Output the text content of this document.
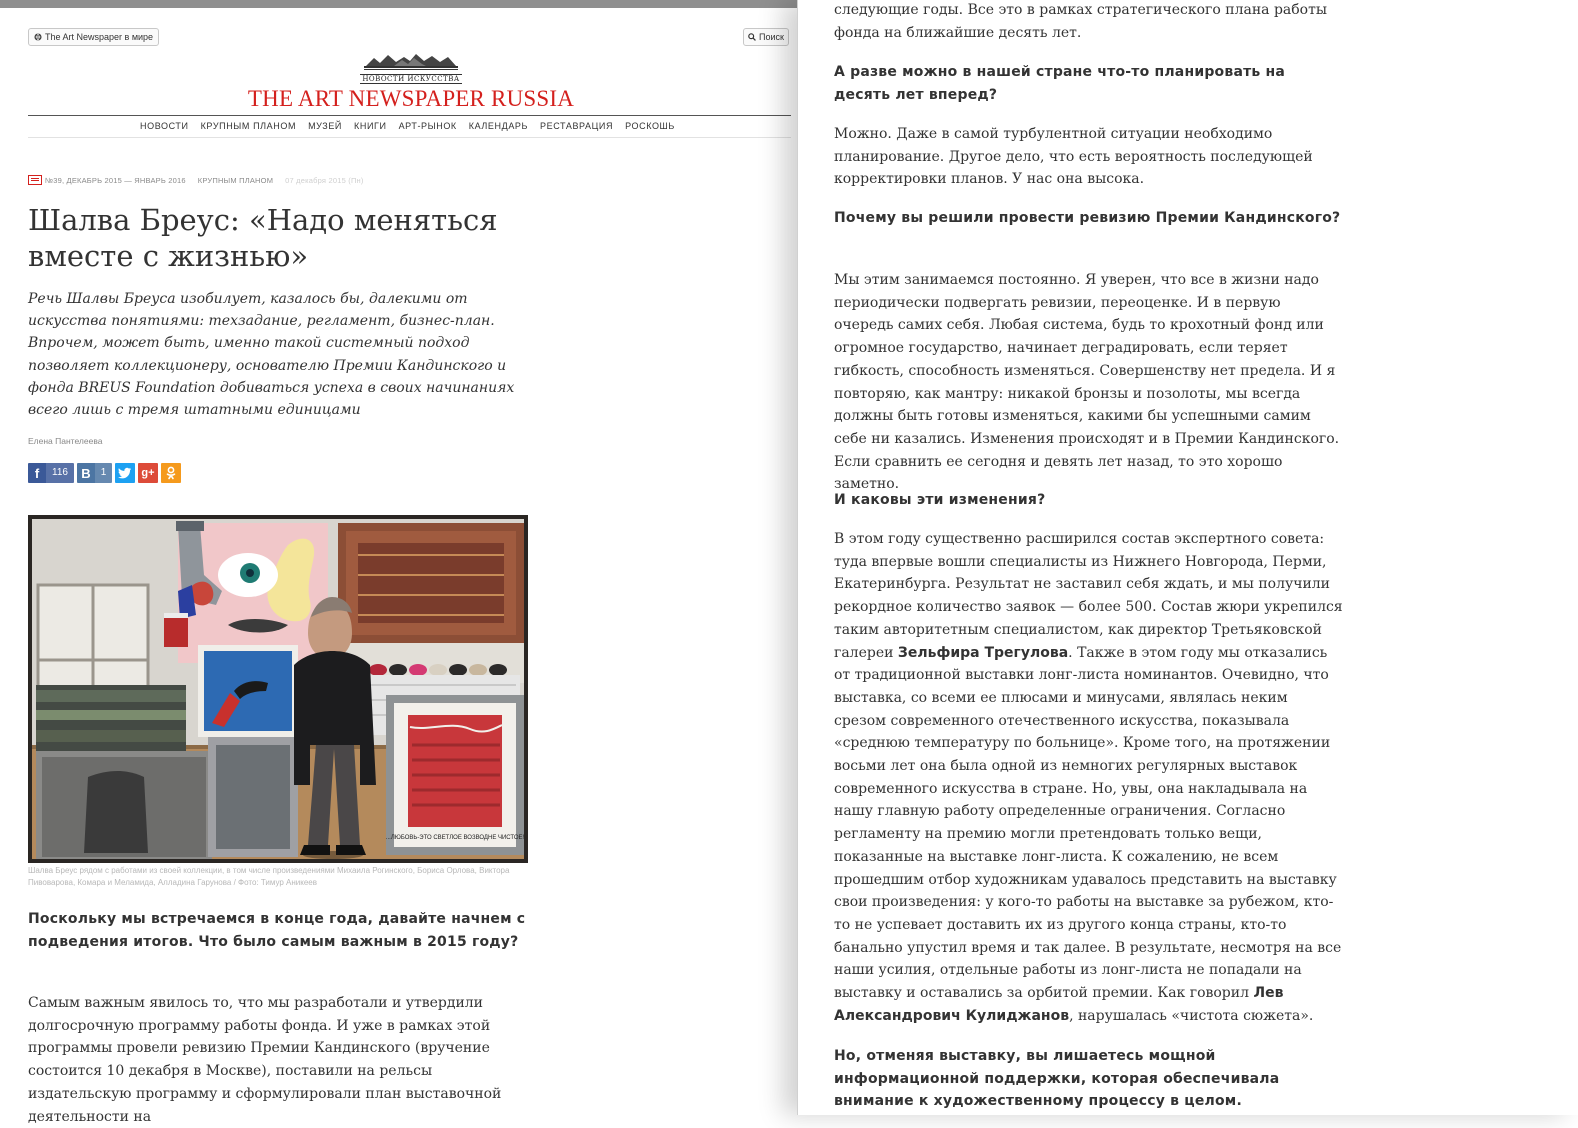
The Art Newspaper в мире	Поиск
НОВОСТИ ИСКУССТВА
THE ART NEWSPAPER RUSSIA
НОВОСТИ КРУПНЫМ ПЛАНОМ МУЗЕЙ КНИГИ АРТ-РЫНОК КАЛЕНДАРЬ РЕСТАВРАЦИЯ РОСКОШЬ
№39, ДЕКАБРЬ 2015 — ЯНВАРЬ 2016 КРУПНЫМ ПЛАНОМ 07 декабря 2015 (Пн)
Шалва Бреус: «Надо меняться вместе с жизнью»

Речь Шалвы Бреуса изобилует, казалось бы, далекими от искусства понятиями: техзадание, регламент, бизнес-план. Впрочем, может быть, именно такой системный подход позволяет коллекционеру, основателю Премии Кандинского и фонда BREUS Foundation добиваться успеха в своих начинаниях всего лишь с тремя штатными единицами

Елена Пантелеева
f	116	В	1	g+
...ЛЮБОВЬ-ЭТО СВЕТЛОЕ ВОЗВОДНЕ ЧИСТОЕ!
Шалва Бреус рядом с работами из своей коллекции, в том числе произведениями Михаила Рогинского, Бориса Орлова, Виктора Пивоварова, Комара и Меламида, Алладина Гарунова / Фото: Тимур Аникеев

Поскольку мы встречаемся в конце года, давайте начнем с подведения итогов. Что было самым важным в 2015 году?

Самым важным явилось то, что мы разработали и утвердили долгосрочную программу работы фонда. И уже в рамках этой программы провели ревизию Премии Кандинского (вручение состоится 10 декабря в Москве), поставили на рельсы издательскую программу и сформулировали план выставочной деятельности на

следующие годы. Все это в рамках стратегического плана работы фонда на ближайшие десять лет.

А разве можно в нашей стране что-то планировать на десять лет вперед?

Можно. Даже в самой турбулентной ситуации необходимо планирование. Другое дело, что есть вероятность последующей корректировки планов. У нас она высока.

Почему вы решили провести ревизию Премии Кандинского?

Мы этим занимаемся постоянно. Я уверен, что все в жизни надо периодически подвергать ревизии, переоценке. И в первую очередь самих себя. Любая система, будь то крохотный фонд или огромное государство, начинает деградировать, если теряет гибкость, способность изменяться. Совершенству нет предела. И я повторяю, как мантру: никакой бронзы и позолоты, мы всегда должны быть готовы изменяться, какими бы успешными самим себе ни казались. Изменения происходят и в Премии Кандинского. Если сравнить ее сегодня и девять лет назад, то это хорошо заметно.

И каковы эти изменения?

В этом году существенно расширился состав экспертного совета: туда впервые вошли специалисты из Нижнего Новгорода, Перми, Екатеринбурга. Результат не заставил себя ждать, и мы получили рекордное количество заявок — более 500. Состав жюри укрепился таким авторитетным специалистом, как директор Третьяковской галереи Зельфира Трегулова. Также в этом году мы отказались от традиционной выставки лонг-листа номинантов. Очевидно, что выставка, со всеми ее плюсами и минусами, являлась неким срезом современного отечественного искусства, показывала «среднюю температуру по больнице». Кроме того, на протяжении восьми лет она была одной из немногих регулярных выставок современного искусства в стране. Но, увы, она накладывала на нашу главную работу определенные ограничения. Согласно регламенту на премию могли претендовать только вещи, показанные на выставке лонг-листа. К сожалению, не всем прошедшим отбор художникам удавалось представить на выставку свои произведения: у кого-то работы на выставке за рубежом, кто-то не успевает доставить их из другого конца страны, кто-то банально упустил время и так далее. В результате, несмотря на все наши усилия, отдельные работы из лонг-листа не попадали на выставку и оставались за орбитой премии. Как говорил Лев Александрович Кулиджанов, нарушалась «чистота сюжета».

Но, отменяя выставку, вы лишаетесь мощной информационной поддержки, которая обеспечивала внимание к художественному процессу в целом.
